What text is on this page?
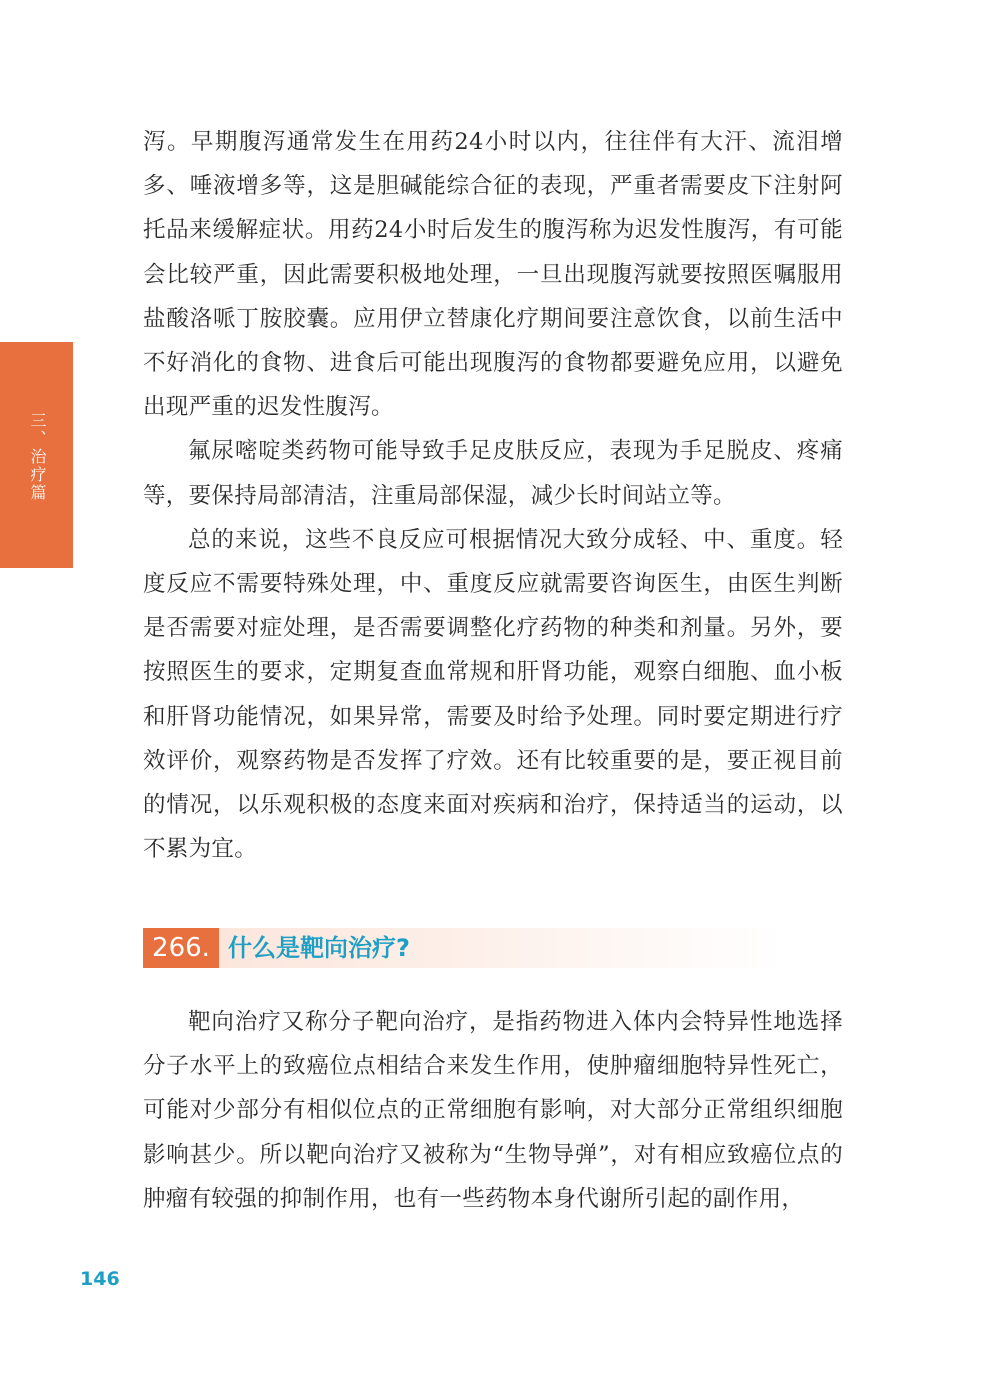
三、治疗篇

泻。早期腹泻通常发生在用药24小时以内，往往伴有大汗、流泪增多、唾液增多等，这是胆碱能综合征的表现，严重者需要皮下注射阿托品来缓解症状。用药24小时后发生的腹泻称为迟发性腹泻，有可能会比较严重，因此需要积极地处理，一旦出现腹泻就要按照医嘱服用盐酸洛哌丁胺胶囊。应用伊立替康化疗期间要注意饮食，以前生活中不好消化的食物、进食后可能出现腹泻的食物都要避免应用，以避免出现严重的迟发性腹泻。

氟尿嘧啶类药物可能导致手足皮肤反应，表现为手足脱皮、疼痛等，要保持局部清洁，注重局部保湿，减少长时间站立等。

总的来说，这些不良反应可根据情况大致分成轻、中、重度。轻度反应不需要特殊处理，中、重度反应就需要咨询医生，由医生判断是否需要对症处理，是否需要调整化疗药物的种类和剂量。另外，要按照医生的要求，定期复查血常规和肝肾功能，观察白细胞、血小板和肝肾功能情况，如果异常，需要及时给予处理。同时要定期进行疗效评价，观察药物是否发挥了疗效。还有比较重要的是，要正视目前的情况，以乐观积极的态度来面对疾病和治疗，保持适当的运动，以不累为宜。

266. 什么是靶向治疗?

靶向治疗又称分子靶向治疗，是指药物进入体内会特异性地选择分子水平上的致癌位点相结合来发生作用，使肿瘤细胞特异性死亡，可能对少部分有相似位点的正常细胞有影响，对大部分正常组织细胞影响甚少。所以靶向治疗又被称为“生物导弹”，对有相应致癌位点的肿瘤有较强的抑制作用，也有一些药物本身代谢所引起的副作用，

146
